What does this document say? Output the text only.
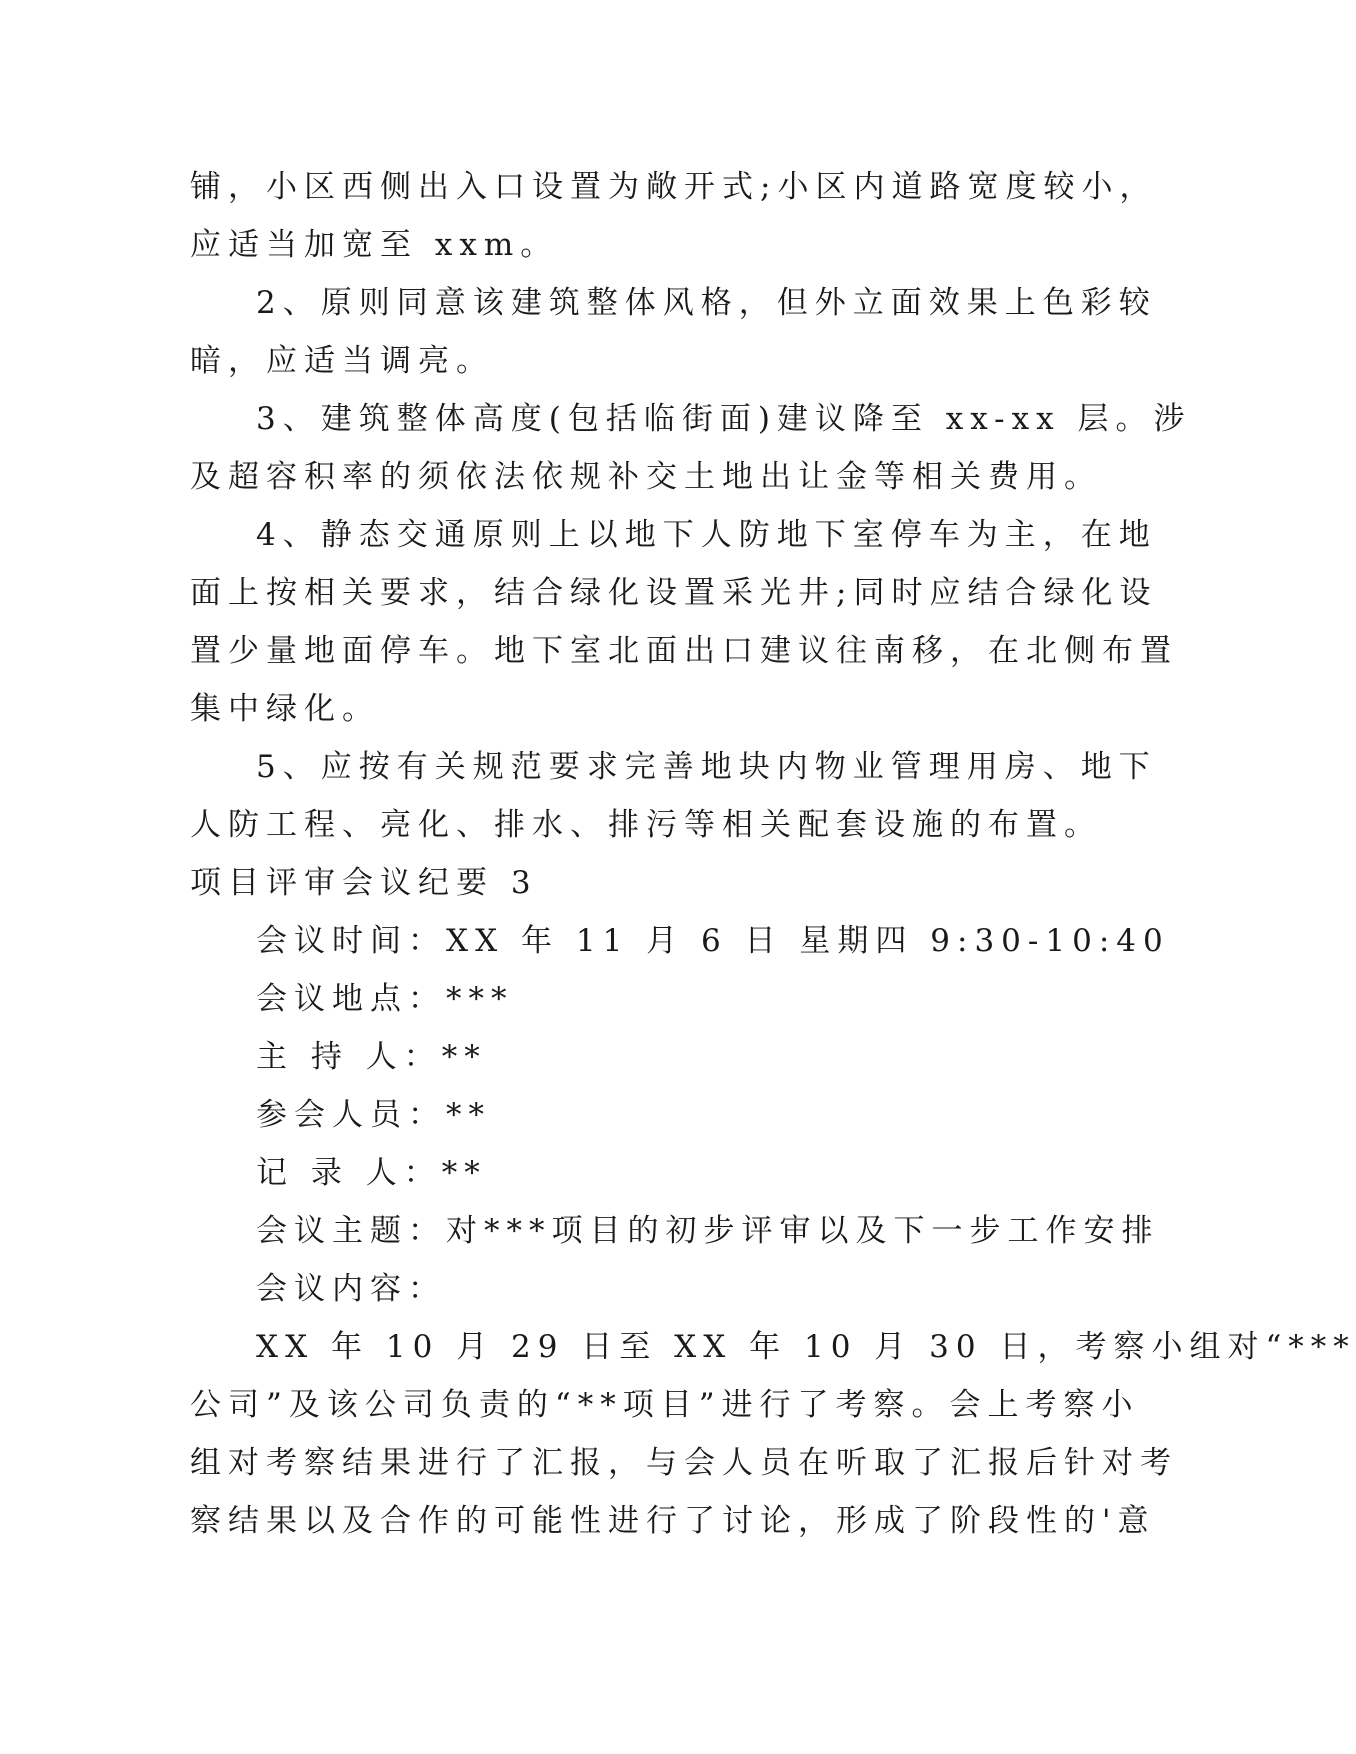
铺，小区西侧出入口设置为敞开式;小区内道路宽度较小，
应适当加宽至 xxm。
2、原则同意该建筑整体风格，但外立面效果上色彩较
暗，应适当调亮。
3、建筑整体高度(包括临街面)建议降至 xx-xx 层。涉
及超容积率的须依法依规补交土地出让金等相关费用。
4、静态交通原则上以地下人防地下室停车为主，在地
面上按相关要求，结合绿化设置采光井;同时应结合绿化设
置少量地面停车。地下室北面出口建议往南移，在北侧布置
集中绿化。
5、应按有关规范要求完善地块内物业管理用房、地下
人防工程、亮化、排水、排污等相关配套设施的布置。
项目评审会议纪要 3
会议时间：XX 年 11 月 6 日 星期四 9:30-10:40
会议地点：***
主 持 人：**
参会人员：**
记 录 人：**
会议主题：对***项目的初步评审以及下一步工作安排
会议内容：
XX 年 10 月 29 日至 XX 年 10 月 30 日，考察小组对“***
公司”及该公司负责的“**项目”进行了考察。会上考察小
组对考察结果进行了汇报，与会人员在听取了汇报后针对考
察结果以及合作的可能性进行了讨论，形成了阶段性的'意
